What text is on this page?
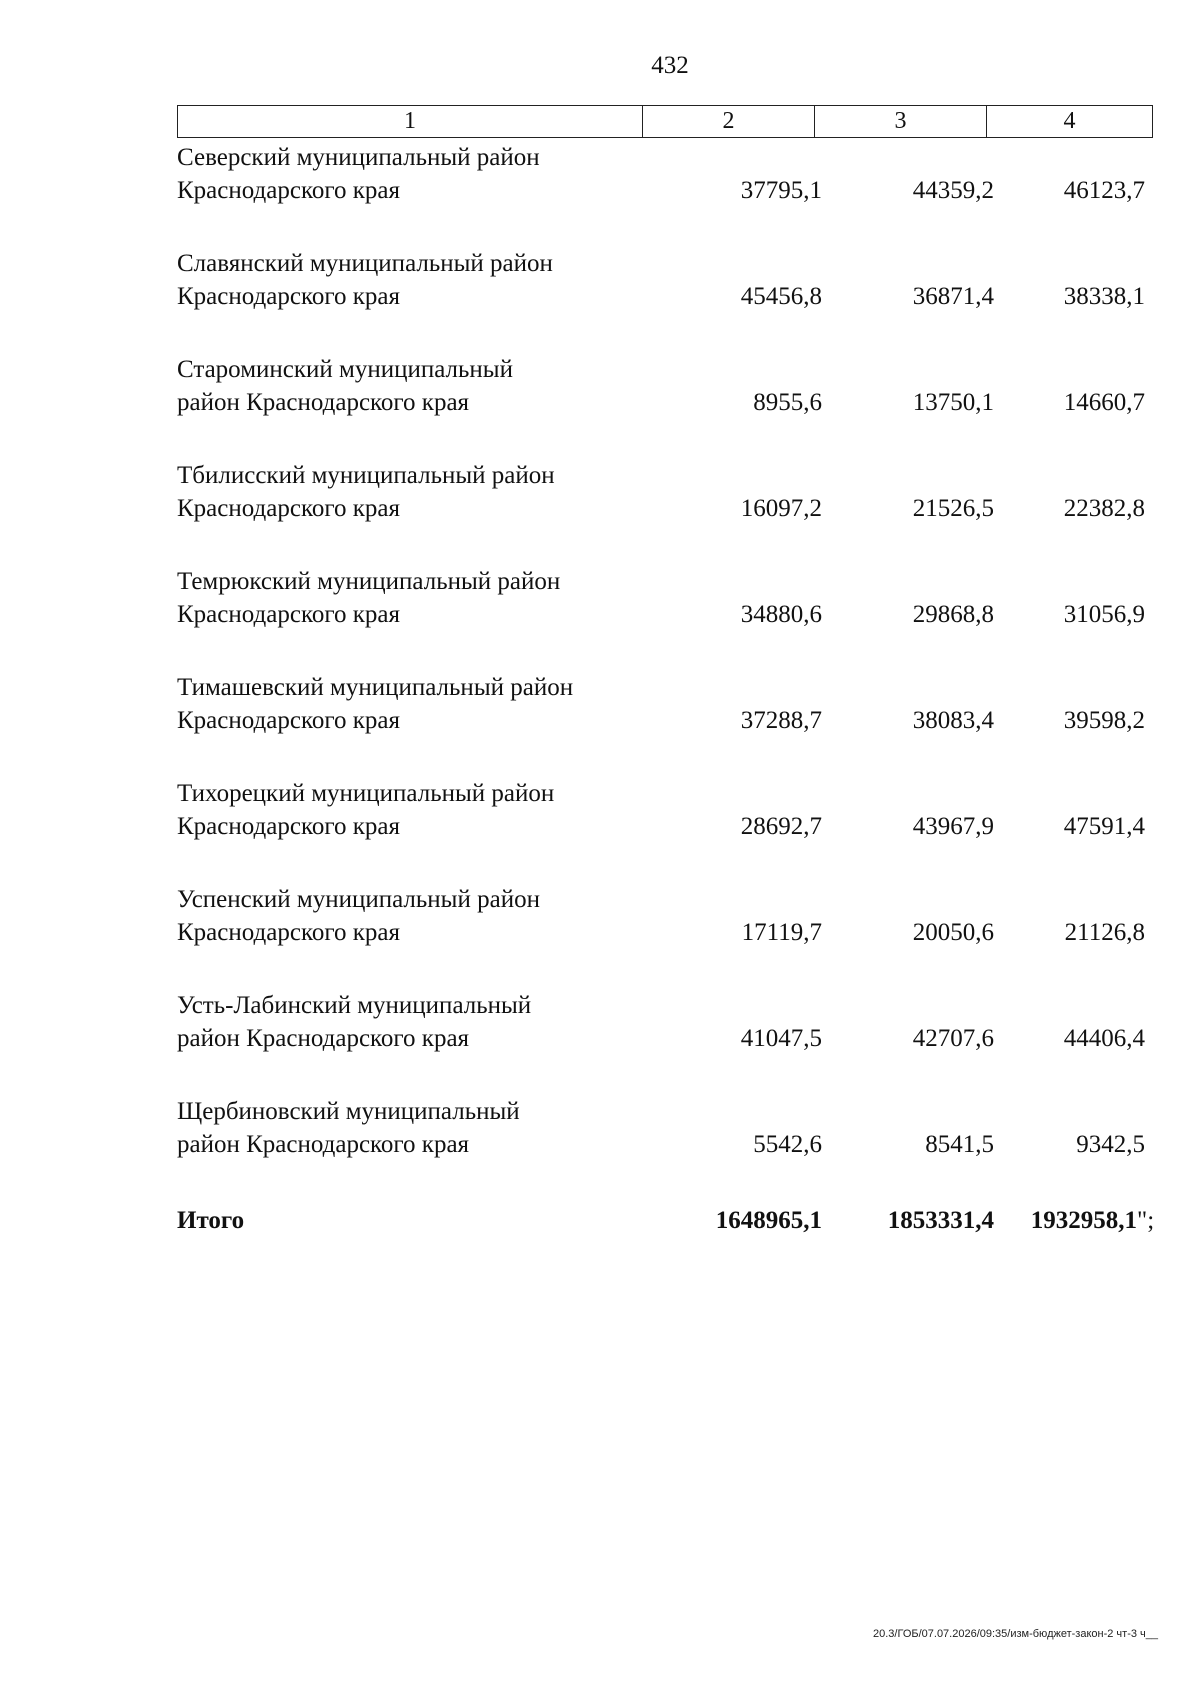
432
1	2	3	4
Северский муниципальный район
Краснодарского края	37795,1	44359,2	46123,7
Славянский муниципальный район
Краснодарского края	45456,8	36871,4	38338,1
Староминский муниципальный
район Краснодарского края	8955,6	13750,1	14660,7
Тбилисский муниципальный район
Краснодарского края	16097,2	21526,5	22382,8
Темрюкский муниципальный район
Краснодарского края	34880,6	29868,8	31056,9
Тимашевский муниципальный район
Краснодарского края	37288,7	38083,4	39598,2
Тихорецкий муниципальный район
Краснодарского края	28692,7	43967,9	47591,4
Успенский муниципальный район
Краснодарского края	17119,7	20050,6	21126,8
Усть-Лабинский муниципальный
район Краснодарского края	41047,5	42707,6	44406,4
Щербиновский муниципальный
район Краснодарского края	5542,6	8541,5	9342,5
Итого	1648965,1	1853331,4	1932958,1";
20.3/ГОБ/07.07.2026/09:35/изм-бюджет-закон-2 чт-3 ч__
